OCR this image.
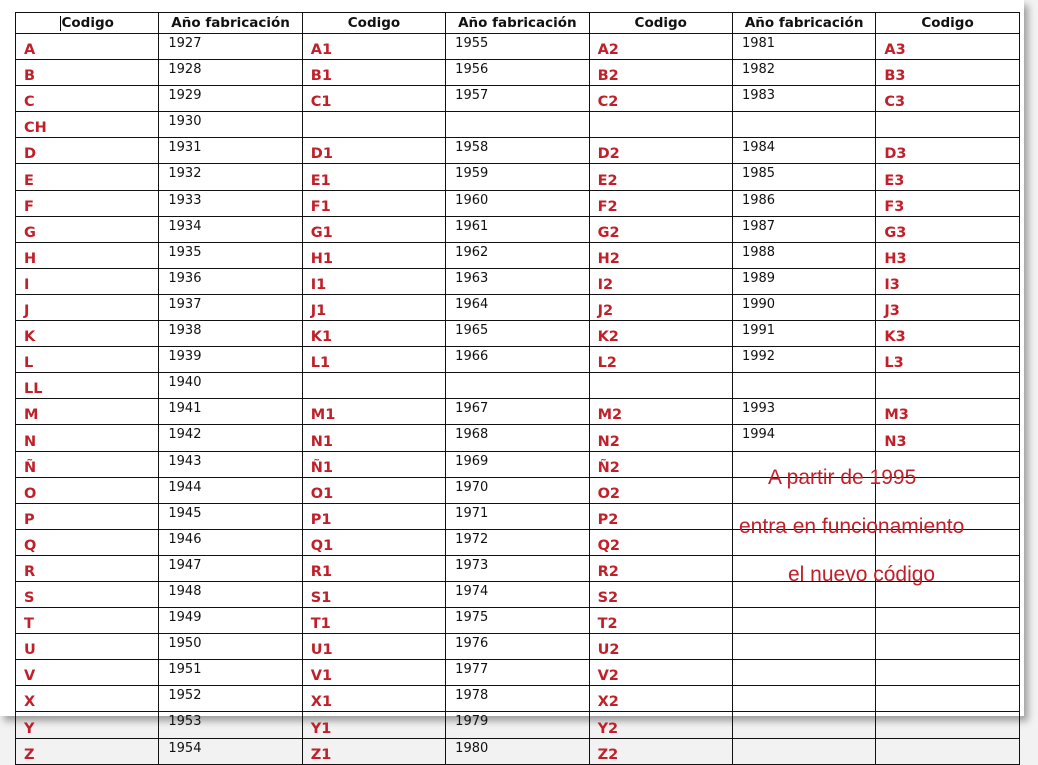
Codigo	Año fabricación	Codigo	Año fabricación	Codigo	Año fabricación	Codigo
A	1927	A1	1955	A2	1981	A3
B	1928	B1	1956	B2	1982	B3
C	1929	C1	1957	C2	1983	C3
CH	1930					
D	1931	D1	1958	D2	1984	D3
E	1932	E1	1959	E2	1985	E3
F	1933	F1	1960	F2	1986	F3
G	1934	G1	1961	G2	1987	G3
H	1935	H1	1962	H2	1988	H3
I	1936	I1	1963	I2	1989	I3
J	1937	J1	1964	J2	1990	J3
K	1938	K1	1965	K2	1991	K3
L	1939	L1	1966	L2	1992	L3
LL	1940					
M	1941	M1	1967	M2	1993	M3
N	1942	N1	1968	N2	1994	N3
Ñ	1943	Ñ1	1969	Ñ2		
O	1944	O1	1970	O2		
P	1945	P1	1971	P2		
Q	1946	Q1	1972	Q2		
R	1947	R1	1973	R2		
S	1948	S1	1974	S2		
T	1949	T1	1975	T2		
U	1950	U1	1976	U2		
V	1951	V1	1977	V2		
X	1952	X1	1978	X2		
Y	1953	Y1	1979	Y2		
Z	1954	Z1	1980	Z2		
A partir de 1995
entra en funcionamiento
el nuevo código
